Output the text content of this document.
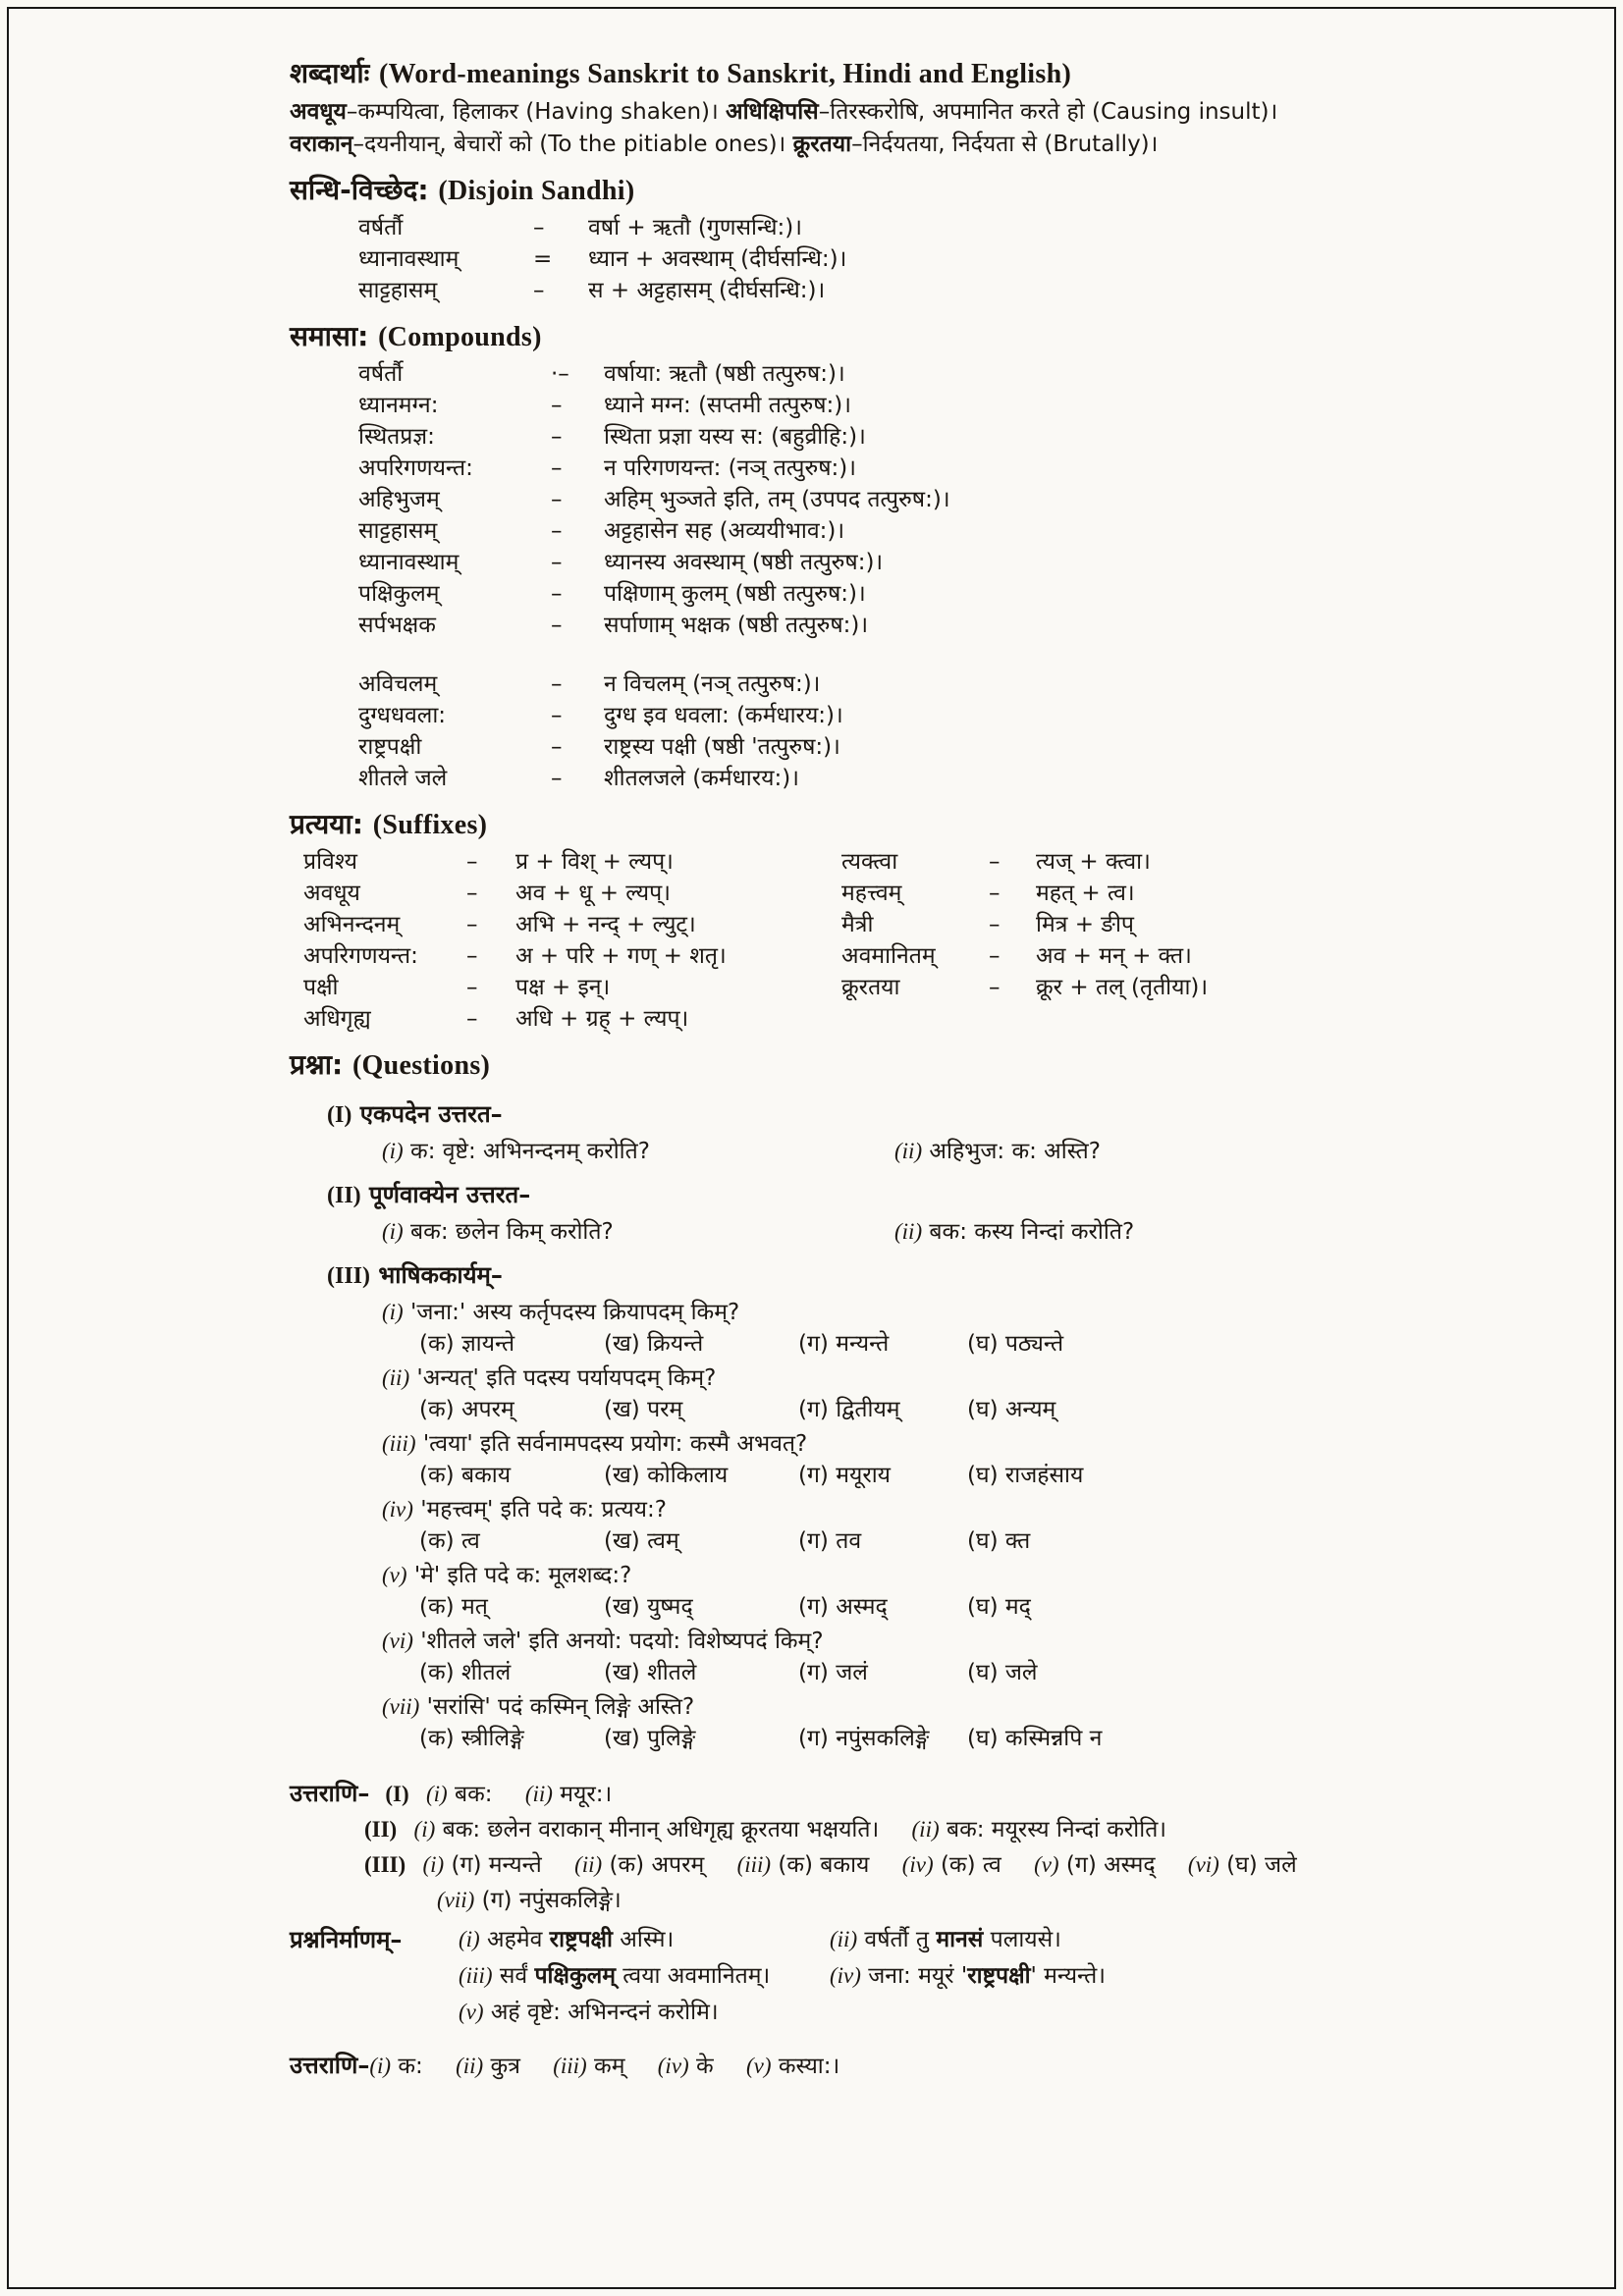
शब्दार्थाः (Word-meanings Sanskrit to Sanskrit, Hindi and English)
अवधूय–कम्पयित्वा, हिलाकर (Having shaken)। अधिक्षिपसि–तिरस्करोषि, अपमानित करते हो (Causing insult)।
वराकान्–दयनीयान्, बेचारों को (To the pitiable ones)। क्रूरतया–निर्दयतया, निर्दयता से (Brutally)।
सन्धि-विच्छेद: (Disjoin Sandhi)
वर्षर्तौ	–	वर्षा + ऋतौ (गुणसन्धि:)।
ध्यानावस्थाम्	=	ध्यान + अवस्थाम् (दीर्घसन्धि:)।
साट्टहासम्	–	स + अट्टहासम् (दीर्घसन्धि:)।
समासा: (Compounds)
वर्षर्तौ	·–	वर्षाया: ऋतौ (षष्ठी तत्पुरुष:)।
ध्यानमग्न:	–	ध्याने मग्न: (सप्तमी तत्पुरुष:)।
स्थितप्रज्ञ:	–	स्थिता प्रज्ञा यस्य स: (बहुव्रीहि:)।
अपरिगणयन्त:	–	न परिगणयन्त: (नञ् तत्पुरुष:)।
अहिभुजम्	–	अहिम् भुञ्जते इति, तम् (उपपद तत्पुरुष:)।
साट्टहासम्	–	अट्टहासेन सह (अव्ययीभाव:)।
ध्यानावस्थाम्	–	ध्यानस्य अवस्थाम् (षष्ठी तत्पुरुष:)।
पक्षिकुलम्	–	पक्षिणाम् कुलम् (षष्ठी तत्पुरुष:)।
सर्पभक्षक	–	सर्पाणाम् भक्षक (षष्ठी तत्पुरुष:)।
अविचलम्	–	न विचलम् (नञ् तत्पुरुष:)।
दुग्धधवला:	–	दुग्ध इव धवला: (कर्मधारय:)।
राष्ट्रपक्षी	–	राष्ट्रस्य पक्षी (षष्ठी 'तत्पुरुष:)।
शीतले जले	–	शीतलजले (कर्मधारय:)।
प्रत्यया: (Suffixes)
प्रविश्य	–	प्र + विश् + ल्यप्।	त्यक्त्वा	–	त्यज् + क्त्वा।
अवधूय	–	अव + धू + ल्यप्।	महत्त्वम्	–	महत् + त्व।
अभिनन्दनम्	–	अभि + नन्द् + ल्युट्।	मैत्री	–	मित्र + ङीप्
अपरिगणयन्त:	–	अ + परि + गण् + शतृ।	अवमानितम्	–	अव + मन् + क्त।
पक्षी	–	पक्ष + इन्।	क्रूरतया	–	क्रूर + तल् (तृतीया)।
अधिगृह्य	–	अधि + ग्रह् + ल्यप्।
प्रश्ना: (Questions)
(I) एकपदेन उत्तरत–
(i) क: वृष्टे: अभिनन्दनम् करोति?	(ii) अहिभुज: क: अस्ति?
(II) पूर्णवाक्येन उत्तरत–
(i) बक: छलेन किम् करोति?	(ii) बक: कस्य निन्दां करोति?
(III) भाषिककार्यम्–
(i) 'जना:' अस्य कर्तृपदस्य क्रियापदम् किम्?
(क) ज्ञायन्ते	(ख) क्रियन्ते	(ग) मन्यन्ते	(घ) पठ्यन्ते
(ii) 'अन्यत्' इति पदस्य पर्यायपदम् किम्?
(क) अपरम्	(ख) परम्	(ग) द्वितीयम्	(घ) अन्यम्
(iii) 'त्वया' इति सर्वनामपदस्य प्रयोग: कस्मै अभवत्?
(क) बकाय	(ख) कोकिलाय	(ग) मयूराय	(घ) राजहंसाय
(iv) 'महत्त्वम्' इति पदे क: प्रत्यय:?
(क) त्व	(ख) त्वम्	(ग) तव	(घ) क्त
(v) 'मे' इति पदे क: मूलशब्द:?
(क) मत्	(ख) युष्मद्	(ग) अस्मद्	(घ) मद्
(vi) 'शीतले जले' इति अनयो: पदयो: विशेष्यपदं किम्?
(क) शीतलं	(ख) शीतले	(ग) जलं	(घ) जले
(vii) 'सरांसि' पदं कस्मिन् लिङ्गे अस्ति?
(क) स्त्रीलिङ्गे	(ख) पुलिङ्गे	(ग) नपुंसकलिङ्गे	(घ) कस्मिन्नपि न
उत्तराणि– (I) (i) बक: (ii) मयूर:।
(II) (i) बक: छलेन वराकान् मीनान् अधिगृह्य क्रूरतया भक्षयति। (ii) बक: मयूरस्य निन्दां करोति।
(III) (i) (ग) मन्यन्ते (ii) (क) अपरम् (iii) (क) बकाय (iv) (क) त्व (v) (ग) अस्मद् (vi) (घ) जले
(vii) (ग) नपुंसकलिङ्गे।
प्रश्ननिर्माणम्–	(i) अहमेव राष्ट्रपक्षी अस्मि।	(ii) वर्षर्तौ तु मानसं पलायसे।
(iii) सर्वं पक्षिकुलम् त्वया अवमानितम्।	(iv) जना: मयूरं 'राष्ट्रपक्षी' मन्यन्ते।
(v) अहं वृष्टे: अभिनन्दनं करोमि।
उत्तराणि–(i) क: (ii) कुत्र (iii) कम् (iv) के (v) कस्या:।
